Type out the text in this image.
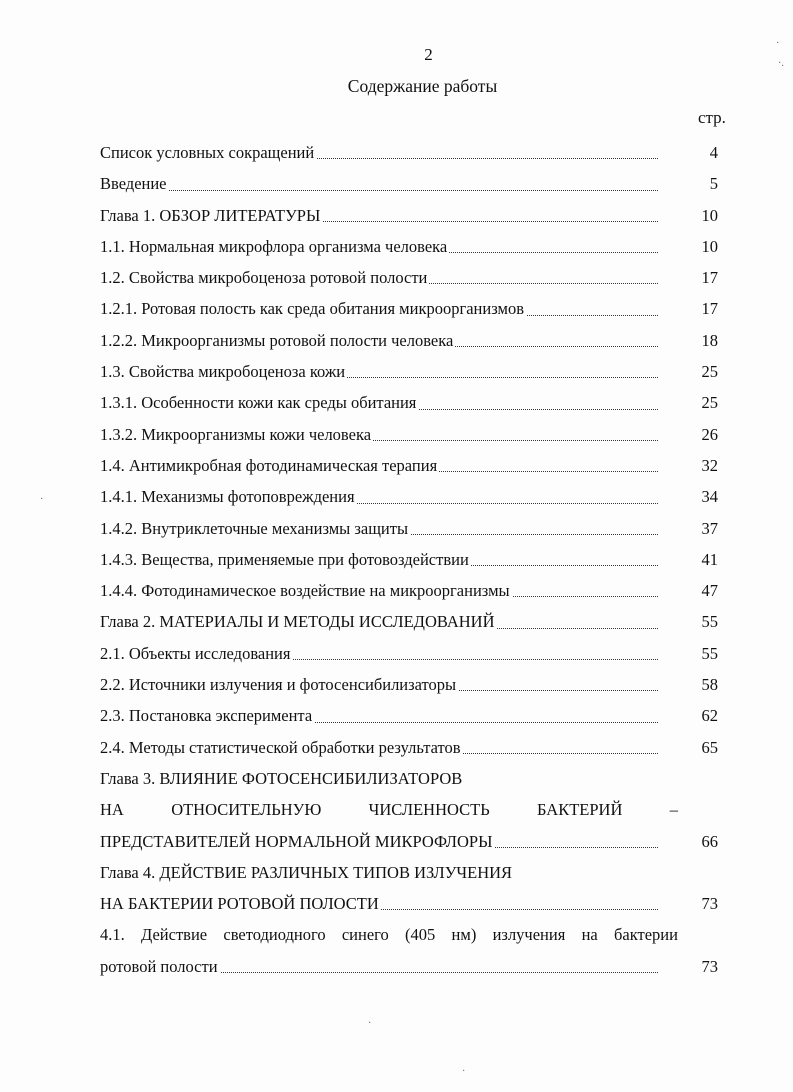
2
Содержание работы
стр.
Список условных сокращений	4
Введение	5
Глава 1. ОБЗОР ЛИТЕРАТУРЫ	10
1.1. Нормальная микрофлора организма человека	10
1.2. Свойства микробоценоза ротовой полости	17
1.2.1. Ротовая полость как среда обитания микроорганизмов	17
1.2.2. Микроорганизмы ротовой полости человека	18
1.3. Свойства микробоценоза кожи	25
1.3.1. Особенности кожи как среды обитания	25
1.3.2. Микроорганизмы кожи человека	26
1.4. Антимикробная фотодинамическая терапия	32
1.4.1. Механизмы фотоповреждения	34
1.4.2. Внутриклеточные механизмы защиты	37
1.4.3. Вещества, применяемые при фотовоздействии	41
1.4.4. Фотодинамическое воздействие на микроорганизмы	47
Глава 2. МАТЕРИАЛЫ И МЕТОДЫ ИССЛЕДОВАНИЙ	55
2.1. Объекты исследования	55
2.2. Источники излучения и фотосенсибилизаторы	58
2.3. Постановка эксперимента	62
2.4. Методы статистической обработки результатов	65
Глава 3. ВЛИЯНИЕ ФОТОСЕНСИБИЛИЗАТОРОВ
НА	ОТНОСИТЕЛЬНУЮ	ЧИСЛЕННОСТЬ	БАКТЕРИЙ	–
ПРЕДСТАВИТЕЛЕЙ НОРМАЛЬНОЙ МИКРОФЛОРЫ	66
Глава 4. ДЕЙСТВИЕ РАЗЛИЧНЫХ ТИПОВ ИЗЛУЧЕНИЯ
НА БАКТЕРИИ РОТОВОЙ ПОЛОСТИ	73
4.1. Действие светодиодного синего (405 нм) излучения на бактерии
ротовой полости	73
·
·.
·
·
·
